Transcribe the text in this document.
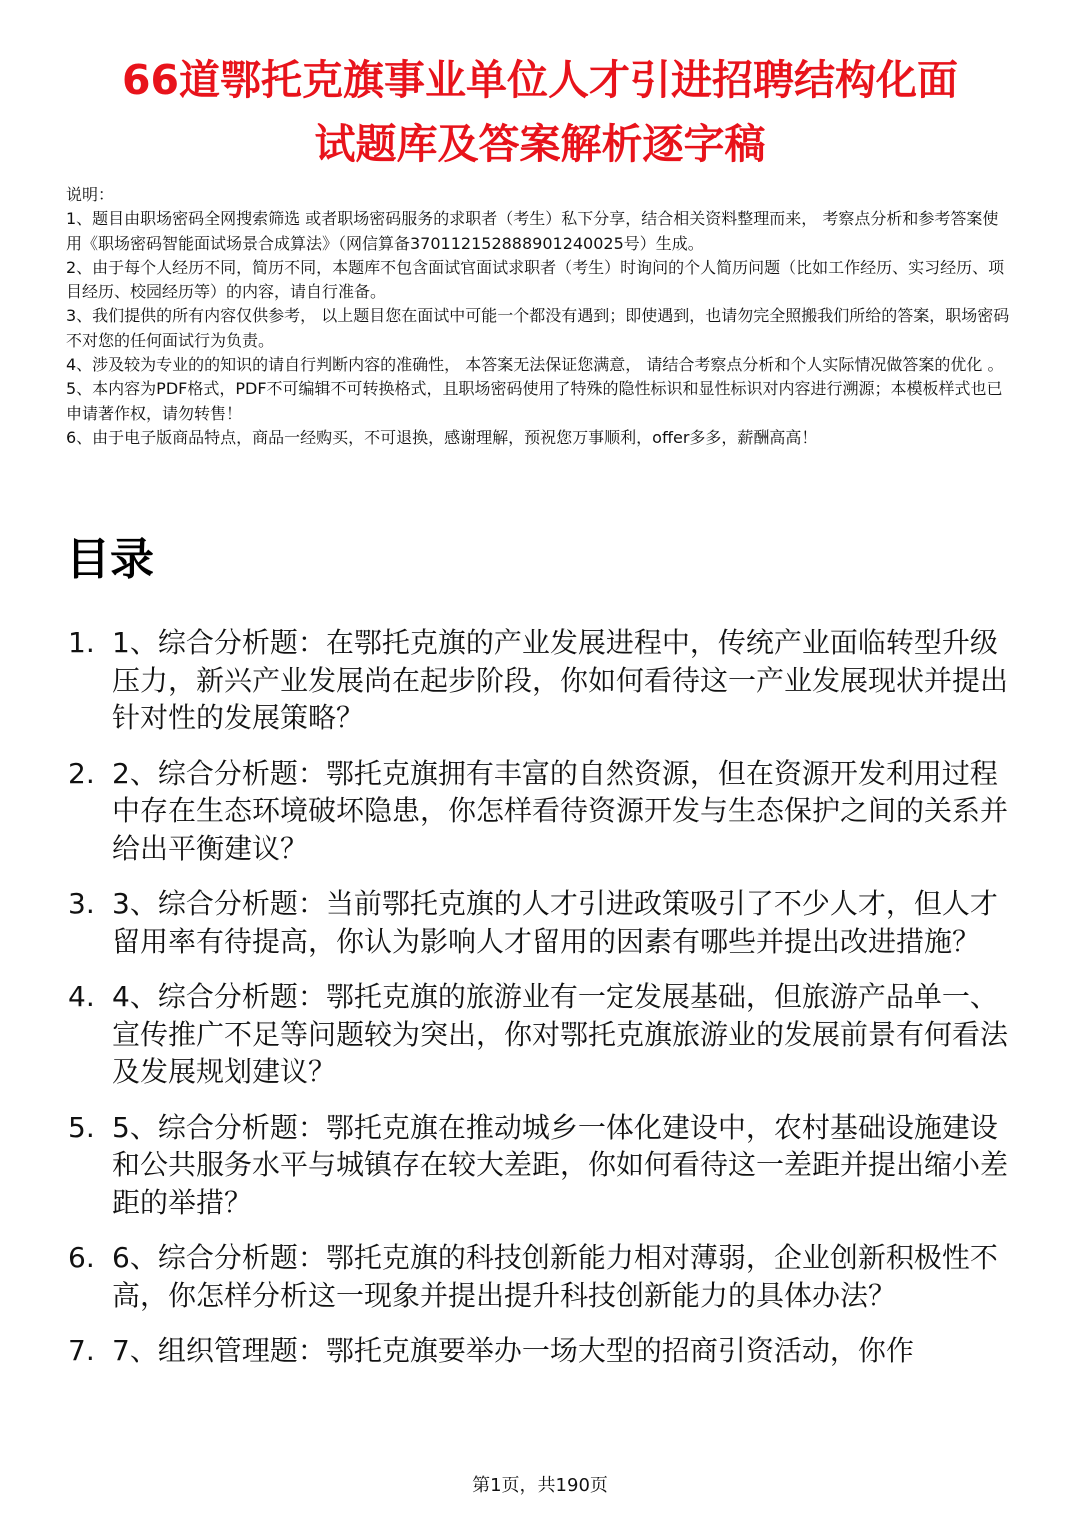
66道鄂托克旗事业单位人才引进招聘结构化面
试题库及答案解析逐字稿
说明：
1、题目由职场密码全网搜索筛选 或者职场密码服务的求职者（考生）私下分享，结合相关资料整理而来， 考察点分析和参考答案使用《职场密码智能面试场景合成算法》（网信算备370112152888901240025号）生成。
2、由于每个人经历不同，简历不同，本题库不包含面试官面试求职者（考生）时询问的个人简历问题（比如工作经历、实习经历、项目经历、校园经历等）的内容，请自行准备。
3、我们提供的所有内容仅供参考， 以上题目您在面试中可能一个都没有遇到；即使遇到，也请勿完全照搬我们所给的答案，职场密码不对您的任何面试行为负责。
4、涉及较为专业的的知识的请自行判断内容的准确性， 本答案无法保证您满意， 请结合考察点分析和个人实际情况做答案的优化 。
5、本内容为PDF格式，PDF不可编辑不可转换格式，且职场密码使用了特殊的隐性标识和显性标识对内容进行溯源；本模板样式也已申请著作权，请勿转售！
6、由于电子版商品特点，商品一经购买，不可退换，感谢理解，预祝您万事顺利，offer多多，薪酬高高！
目录
1. 1、综合分析题：在鄂托克旗的产业发展进程中，传统产业面临转型升级压力，新兴产业发展尚在起步阶段，你如何看待这一产业发展现状并提出针对性的发展策略？
2. 2、综合分析题：鄂托克旗拥有丰富的自然资源，但在资源开发利用过程中存在生态环境破坏隐患，你怎样看待资源开发与生态保护之间的关系并给出平衡建议？
3. 3、综合分析题：当前鄂托克旗的人才引进政策吸引了不少人才，但人才留用率有待提高，你认为影响人才留用的因素有哪些并提出改进措施？
4. 4、综合分析题：鄂托克旗的旅游业有一定发展基础，但旅游产品单一、宣传推广不足等问题较为突出，你对鄂托克旗旅游业的发展前景有何看法及发展规划建议？
5. 5、综合分析题：鄂托克旗在推动城乡一体化建设中，农村基础设施建设和公共服务水平与城镇存在较大差距，你如何看待这一差距并提出缩小差距的举措？
6. 6、综合分析题：鄂托克旗的科技创新能力相对薄弱，企业创新积极性不高，你怎样分析这一现象并提出提升科技创新能力的具体办法？
7. 7、组织管理题：鄂托克旗要举办一场大型的招商引资活动，你作
第1页，共190页
